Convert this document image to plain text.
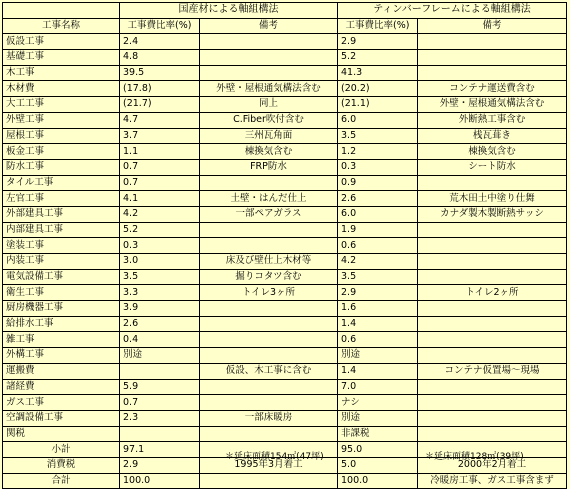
	国産材による軸組構法		ティンバーフレームによる軸組構法	
工事名称	工事費比率(%)	備考	工事費比率(%)	備考
仮設工事	2.4		2.9	
基礎工事	4.8		5.2	
木工事	39.5		41.3	
木材費	(17.8)	外壁・屋根通気構法含む	(20.2)	コンテナ運送費含む
大工工事	(21.7)	同上	(21.1)	外壁・屋根通気構法含む
外壁工事	4.7	C.Fiber吹付含む	6.0	外断熱工事含む
屋根工事	3.7	三州瓦角面	3.5	桟瓦葺き
板金工事	1.1	棟換気含む	1.2	棟換気含む
防水工事	0.7	FRP防水	0.3	シート防水
タイル工事	0.7		0.9	
左官工事	4.1	土壁・はんだ仕上	2.6	荒木田土中塗り仕舞
外部建具工事	4.2	一部ペアガラス	6.0	カナダ製木製断熱サッシ
内部建具工事	5.2		1.9	
塗装工事	0.3		0.6	
内装工事	3.0	床及び壁仕上木材等	4.2	
電気設備工事	3.5	掘りコタツ含む	3.5	
衛生工事	3.3	トイレ3ヶ所	2.9	トイレ2ヶ所
厨房機器工事	3.9		1.6	
給排水工事	2.6		1.4	
雑工事	0.4		0.6	
外構工事	別途		別途	
運搬費		仮設、木工事に含む	1.4	コンテナ仮置場〜現場
諸経費	5.9		7.0	
ガス工事	0.7		ナシ	
空調設備工事	2.3	一部床暖房	別途	
関税			非課税	
小計	97.1		95.0	
消費税	2.9	1995年3月着工	5.0	2000年2月着工
合計	100.0		100.0	冷暖房工事、ガス工事含まず
＊延床面積154㎡(47坪)	＊延床面積128㎡(39坪)
